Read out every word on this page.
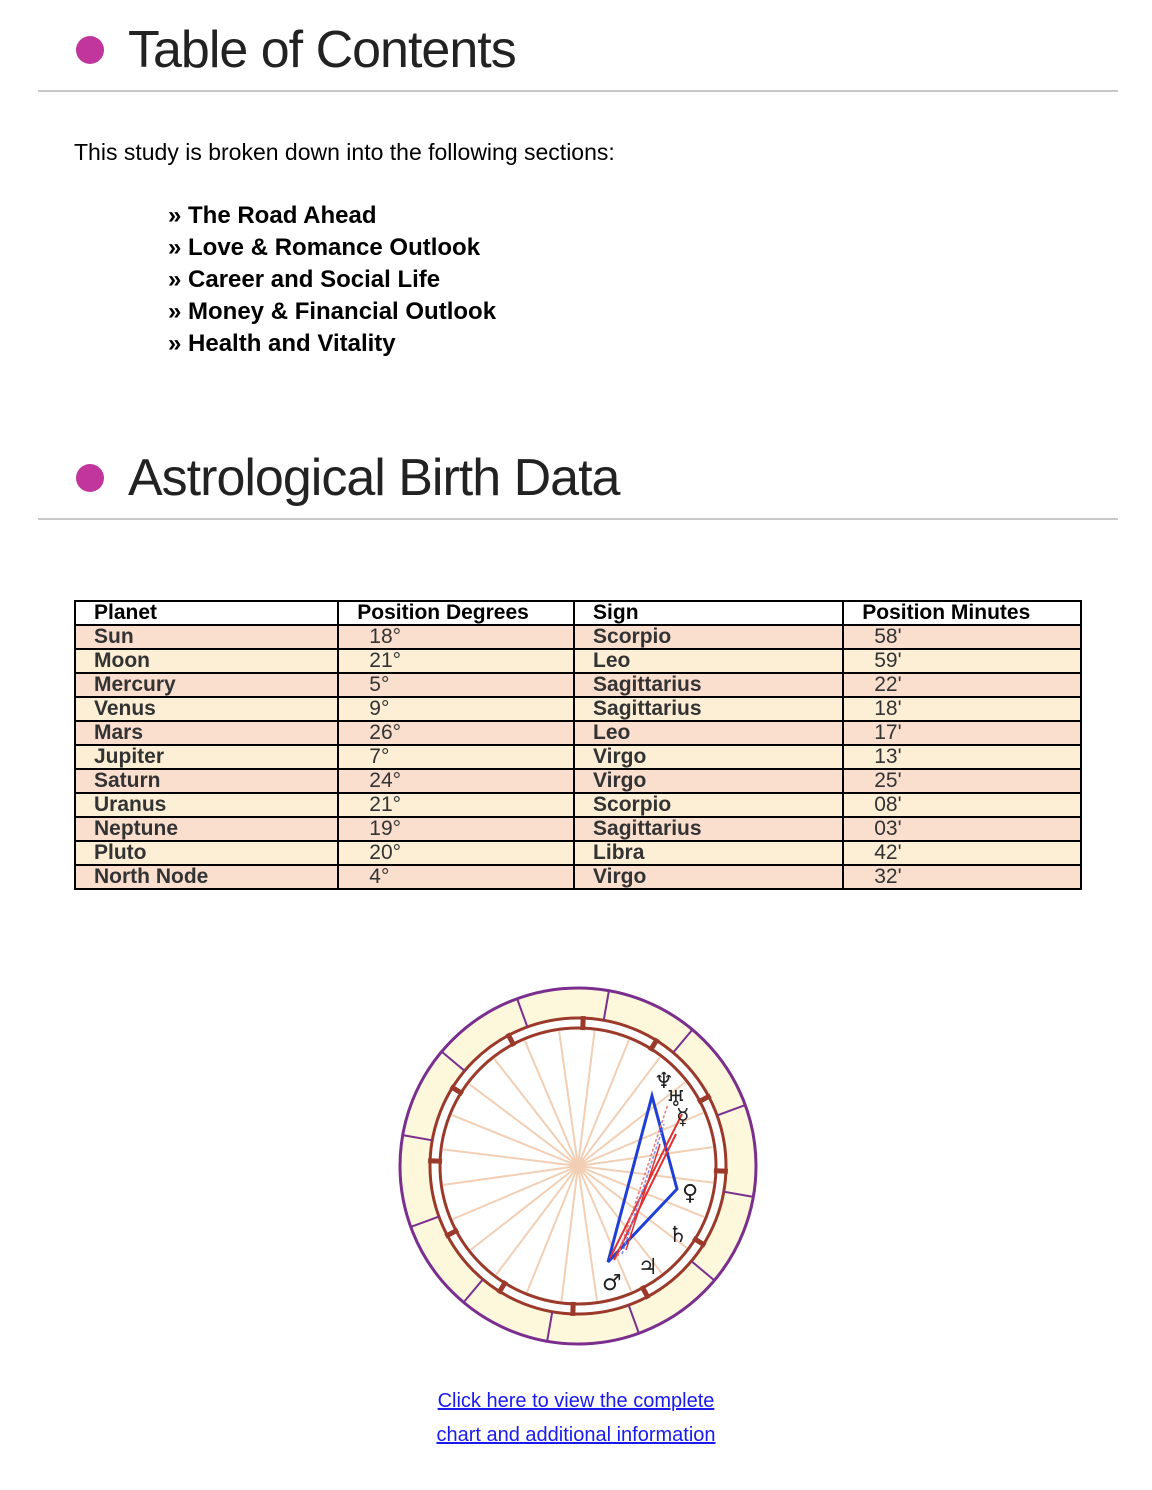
Table of Contents
This study is broken down into the following sections:
» The Road Ahead
» Love & Romance Outlook
» Career and Social Life
» Money & Financial Outlook
» Health and Vitality
Astrological Birth Data
Planet	Position Degrees	Sign	Position Minutes
Sun	18°	Scorpio	58'
Moon	21°	Leo	59'
Mercury	5°	Sagittarius	22'
Venus	9°	Sagittarius	18'
Mars	26°	Leo	17'
Jupiter	7°	Virgo	13'
Saturn	24°	Virgo	25'
Uranus	21°	Scorpio	08'
Neptune	19°	Sagittarius	03'
Pluto	20°	Libra	42'
North Node	4°	Virgo	32'
♆
♅
☿
♀
♄
♃
♂
Click here to view the complete
chart and additional information
